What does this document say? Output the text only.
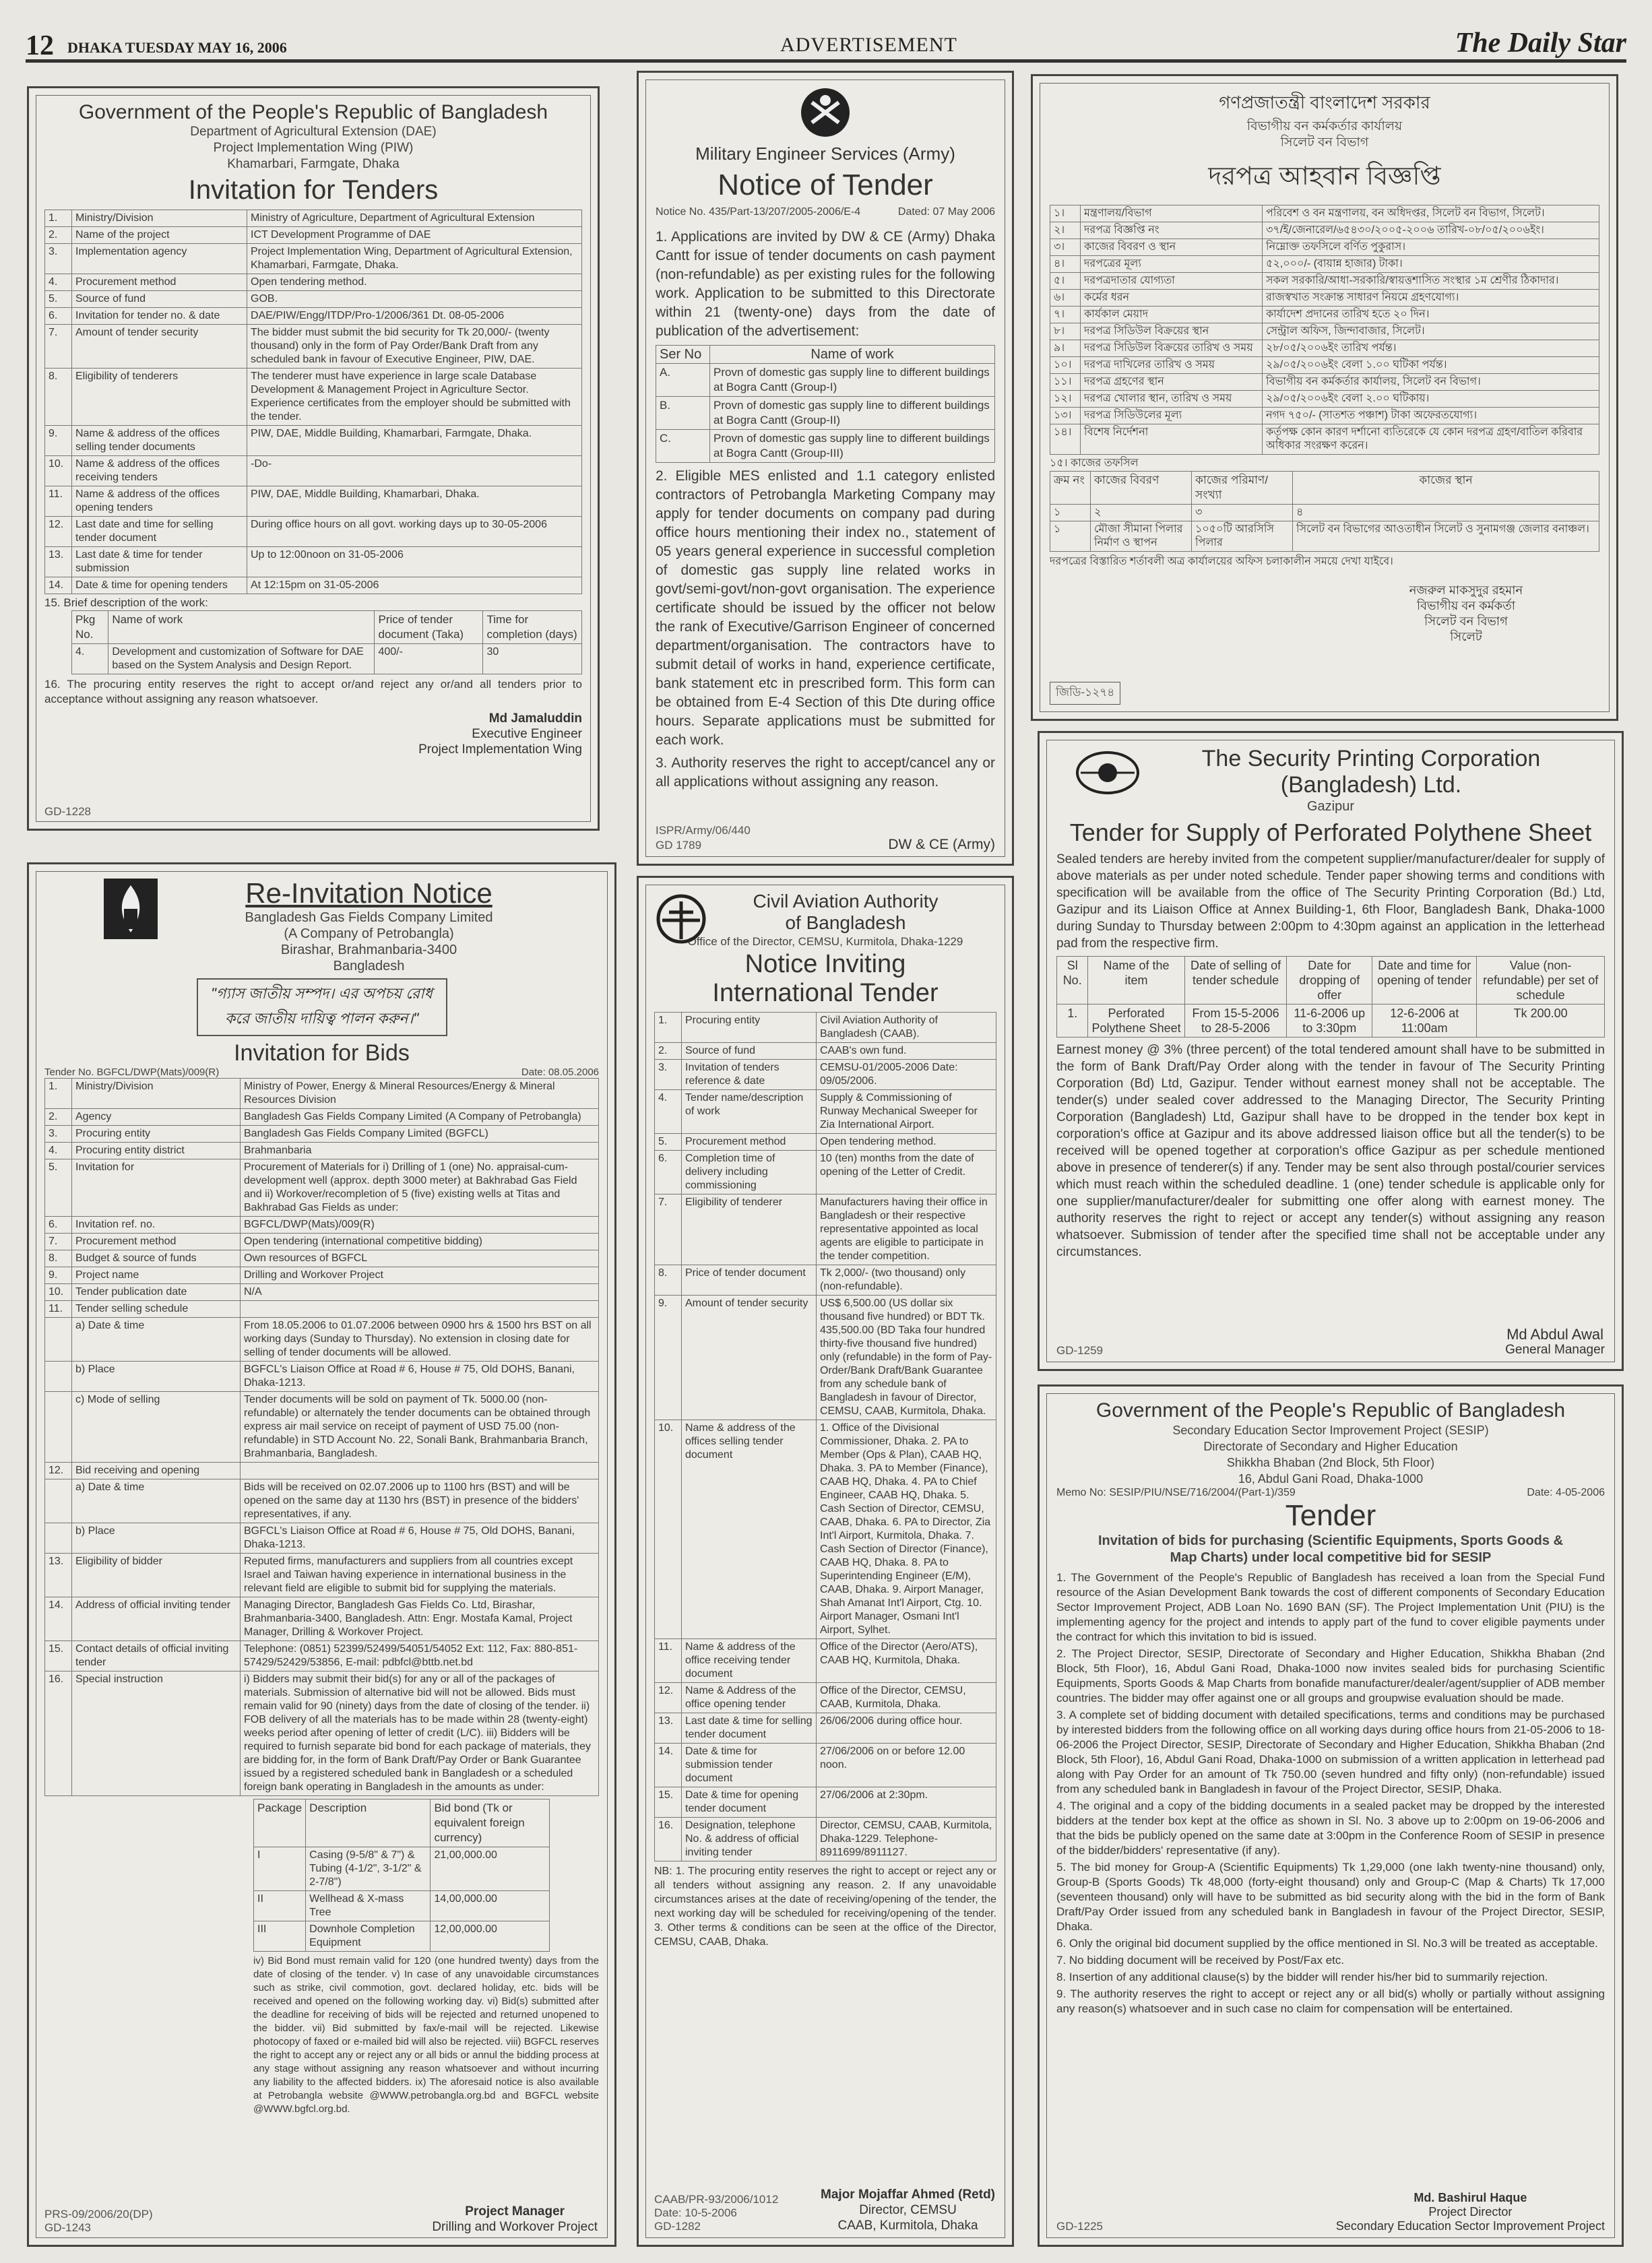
12 DHAKA TUESDAY MAY 16, 2006	ADVERTISEMENT	The Daily Star
Government of the People's Republic of Bangladesh
Department of Agricultural Extension (DAE)
Project Implementation Wing (PIW)
Khamarbari, Farmgate, Dhaka
Invitation for Tenders
1.	Ministry/Division	Ministry of Agriculture, Department of Agricultural Extension
2.	Name of the project	ICT Development Programme of DAE
3.	Implementation agency	Project Implementation Wing, Department of Agricultural Extension, Khamarbari, Farmgate, Dhaka.
4.	Procurement method	Open tendering method.
5.	Source of fund	GOB.
6.	Invitation for tender no. & date	DAE/PIW/Engg/ITDP/Pro-1/2006/361 Dt. 08-05-2006
7.	Amount of tender security	The bidder must submit the bid security for Tk 20,000/- (twenty thousand) only in the form of Pay Order/Bank Draft from any scheduled bank in favour of Executive Engineer, PIW, DAE.
8.	Eligibility of tenderers	The tenderer must have experience in large scale Database Development & Management Project in Agriculture Sector. Experience certificates from the employer should be submitted with the tender.
9.	Name & address of the offices selling tender documents	PIW, DAE, Middle Building, Khamarbari, Farmgate, Dhaka.
10.	Name & address of the offices receiving tenders	-Do-
11.	Name & address of the offices opening tenders	PIW, DAE, Middle Building, Khamarbari, Dhaka.
12.	Last date and time for selling tender document	During office hours on all govt. working days up to 30-05-2006
13.	Last date & time for tender submission	Up to 12:00noon on 31-05-2006
14.	Date & time for opening tenders	At 12:15pm on 31-05-2006
15. Brief description of the work:
Pkg No.	Name of work	Price of tender document (Taka)	Time for completion (days)
4.	Development and customization of Software for DAE based on the System Analysis and Design Report.	400/-	30
16. The procuring entity reserves the right to accept or/and reject any or/and all tenders prior to acceptance without assigning any reason whatsoever.
Md Jamaluddin
Executive Engineer
Project Implementation Wing
GD-1228
Military Engineer Services (Army)
Notice of Tender
Notice No. 435/Part-13/207/2005-2006/E-4	Dated: 07 May 2006
1. Applications are invited by DW & CE (Army) Dhaka Cantt for issue of tender documents on cash payment (non-refundable) as per existing rules for the following work. Application to be submitted to this Directorate within 21 (twenty-one) days from the date of publication of the advertisement:
Ser No	Name of work
A.	Provn of domestic gas supply line to different buildings at Bogra Cantt (Group-I)
B.	Provn of domestic gas supply line to different buildings at Bogra Cantt (Group-II)
C.	Provn of domestic gas supply line to different buildings at Bogra Cantt (Group-III)
2. Eligible MES enlisted and 1.1 category enlisted contractors of Petrobangla Marketing Company may apply for tender documents on company pad during office hours mentioning their index no., statement of 05 years general experience in successful completion of domestic gas supply line related works in govt/semi-govt/non-govt organisation. The experience certificate should be issued by the officer not below the rank of Executive/Garrison Engineer of concerned department/organisation. The contractors have to submit detail of works in hand, experience certificate, bank statement etc in prescribed form. This form can be obtained from E-4 Section of this Dte during office hours. Separate applications must be submitted for each work.
3. Authority reserves the right to accept/cancel any or all applications without assigning any reason.
ISPR/Army/06/440
GD 1789	DW & CE (Army)
গণপ্রজাতন্ত্রী বাংলাদেশ সরকার
বিভাগীয় বন কর্মকর্তার কার্যালয়
সিলেট বন বিভাগ
দরপত্র আহবান বিজ্ঞপ্তি
১।	মন্ত্রণালয়/বিভাগ	পরিবেশ ও বন মন্ত্রণালয়, বন অধিদপ্তর, সিলেট বন বিভাগ, সিলেট।
২।	দরপত্র বিজ্ঞপ্তি নং	৩৭/ই/জেনারেল/৬৫৪৩০/২০০৫-২০০৬ তারিখ-০৮/০৫/২০০৬ইং।
৩।	কাজের বিবরণ ও স্থান	নিম্নোক্ত তফসিলে বর্ণিত পুকুরাস।
৪।	দরপত্রের মূল্য	৫২,০০০/- (বায়ান্ন হাজার) টাকা।
৫।	দরপত্রদাতার যোগ্যতা	সকল সরকারি/আধা-সরকারি/স্বায়ত্তশাসিত সংস্থার ১ম শ্রেণীর ঠিকাদার।
৬।	কর্মের ধরন	রাজস্বখাত সংক্রান্ত সাধারণ নিয়মে গ্রহণযোগ্য।
৭।	কার্যকাল মেয়াদ	কার্যাদেশ প্রদানের তারিখ হতে ২০ দিন।
৮।	দরপত্র সিডিউল বিক্রয়ের স্থান	সেন্ট্রাল অফিস, জিন্দাবাজার, সিলেট।
৯।	দরপত্র সিডিউল বিক্রয়ের তারিখ ও সময়	২৮/০৫/২০০৬ইং তারিখ পর্যন্ত।
১০।	দরপত্র দাখিলের তারিখ ও সময়	২৯/০৫/২০০৬ইং বেলা ১.০০ ঘটিকা পর্যন্ত।
১১।	দরপত্র গ্রহণের স্থান	বিভাগীয় বন কর্মকর্তার কার্যালয়, সিলেট বন বিভাগ।
১২।	দরপত্র খোলার স্থান, তারিখ ও সময়	২৯/০৫/২০০৬ইং বেলা ২.০০ ঘটিকায়।
১৩।	দরপত্র সিডিউলের মূল্য	নগদ ৭৫০/- (সাতশত পঞ্চাশ) টাকা অফেরতযোগ্য।
১৪।	বিশেষ নির্দেশনা	কর্তৃপক্ষ কোন কারণ দর্শানো ব্যতিরেকে যে কোন দরপত্র গ্রহণ/বাতিল করিবার অধিকার সংরক্ষণ করেন।
১৫। কাজের তফসিল
ক্রম নং	কাজের বিবরণ	কাজের পরিমাণ/সংখ্যা	কাজের স্থান
১	২	৩	৪
১	মৌজা সীমানা পিলার নির্মাণ ও স্থাপন	১০৫০টি আরসিসি পিলার	সিলেট বন বিভাগের আওতাধীন সিলেট ও সুনামগঞ্জ জেলার বনাঞ্চল।
দরপত্রের বিস্তারিত শর্তাবলী অত্র কার্যালয়ের অফিস চলাকালীন সময়ে দেখা যাইবে।
নজরুল মাকসুদুর রহমান
বিভাগীয় বন কর্মকর্তা
সিলেট বন বিভাগ
সিলেট
জিডি-১২৭৪
Re-Invitation Notice
Bangladesh Gas Fields Company Limited
(A Company of Petrobangla)
Birashar, Brahmanbaria-3400
Bangladesh
"গ্যাস জাতীয় সম্পদ। এর অপচয় রোধ করে জাতীয় দায়িত্ব পালন করুন।"
Invitation for Bids
Tender No. BGFCL/DWP(Mats)/009(R)	Date: 08.05.2006
1.	Ministry/Division	Ministry of Power, Energy & Mineral Resources/Energy & Mineral Resources Division
2.	Agency	Bangladesh Gas Fields Company Limited (A Company of Petrobangla)
3.	Procuring entity	Bangladesh Gas Fields Company Limited (BGFCL)
4.	Procuring entity district	Brahmanbaria
5.	Invitation for	Procurement of Materials for i) Drilling of 1 (one) No. appraisal-cum-development well (approx. depth 3000 meter) at Bakhrabad Gas Field and ii) Workover/recompletion of 5 (five) existing wells at Titas and Bakhrabad Gas Fields as under:
6.	Invitation ref. no.	BGFCL/DWP(Mats)/009(R)
7.	Procurement method	Open tendering (international competitive bidding)
8.	Budget & source of funds	Own resources of BGFCL
9.	Project name	Drilling and Workover Project
10.	Tender publication date	N/A
11.	Tender selling schedule	
	a) Date & time	From 18.05.2006 to 01.07.2006 between 0900 hrs & 1500 hrs BST on all working days (Sunday to Thursday). No extension in closing date for selling of tender documents will be allowed.
	b) Place	BGFCL's Liaison Office at Road # 6, House # 75, Old DOHS, Banani, Dhaka-1213.
	c) Mode of selling	Tender documents will be sold on payment of Tk. 5000.00 (non-refundable) or alternately the tender documents can be obtained through express air mail service on receipt of payment of USD 75.00 (non-refundable) in STD Account No. 22, Sonali Bank, Brahmanbaria Branch, Brahmanbaria, Bangladesh.
12.	Bid receiving and opening	
	a) Date & time	Bids will be received on 02.07.2006 up to 1100 hrs (BST) and will be opened on the same day at 1130 hrs (BST) in presence of the bidders' representatives, if any.
	b) Place	BGFCL's Liaison Office at Road # 6, House # 75, Old DOHS, Banani, Dhaka-1213.
13.	Eligibility of bidder	Reputed firms, manufacturers and suppliers from all countries except Israel and Taiwan having experience in international business in the relevant field are eligible to submit bid for supplying the materials.
14.	Address of official inviting tender	Managing Director, Bangladesh Gas Fields Co. Ltd, Birashar, Brahmanbaria-3400, Bangladesh. Attn: Engr. Mostafa Kamal, Project Manager, Drilling & Workover Project.
15.	Contact details of official inviting tender	Telephone: (0851) 52399/52499/54051/54052 Ext: 112, Fax: 880-851-57429/52429/53856, E-mail: pdbfcl@bttb.net.bd
16.	Special instruction	i) Bidders may submit their bid(s) for any or all of the packages of materials. Submission of alternative bid will not be allowed. Bids must remain valid for 90 (ninety) days from the date of closing of the tender. ii) FOB delivery of all the materials has to be made within 28 (twenty-eight) weeks period after opening of letter of credit (L/C). iii) Bidders will be required to furnish separate bid bond for each package of materials, they are bidding for, in the form of Bank Draft/Pay Order or Bank Guarantee issued by a registered scheduled bank in Bangladesh or a scheduled foreign bank operating in Bangladesh in the amounts as under:
Package	Description	Bid bond (Tk or equivalent foreign currency)
I	Casing (9-5/8" & 7") & Tubing (4-1/2", 3-1/2" & 2-7/8")	21,00,000.00
II	Wellhead & X-mass Tree	14,00,000.00
III	Downhole Completion Equipment	12,00,000.00
iv) Bid Bond must remain valid for 120 (one hundred twenty) days from the date of closing of the tender. v) In case of any unavoidable circumstances such as strike, civil commotion, govt. declared holiday, etc. bids will be received and opened on the following working day. vi) Bid(s) submitted after the deadline for receiving of bids will be rejected and returned unopened to the bidder. vii) Bid submitted by fax/e-mail will be rejected. Likewise photocopy of faxed or e-mailed bid will also be rejected. viii) BGFCL reserves the right to accept any or reject any or all bids or annul the bidding process at any stage without assigning any reason whatsoever and without incurring any liability to the affected bidders. ix) The aforesaid notice is also available at Petrobangla website @WWW.petrobangla.org.bd and BGFCL website @WWW.bgfcl.org.bd.
PRS-09/2006/20(DP)
GD-1243
Project Manager
Drilling and Workover Project
Civil Aviation Authority
of Bangladesh
Office of the Director, CEMSU, Kurmitola, Dhaka-1229
Notice Inviting
International Tender
1.	Procuring entity	Civil Aviation Authority of Bangladesh (CAAB).
2.	Source of fund	CAAB's own fund.
3.	Invitation of tenders reference & date	CEMSU-01/2005-2006 Date: 09/05/2006.
4.	Tender name/description of work	Supply & Commissioning of Runway Mechanical Sweeper for Zia International Airport.
5.	Procurement method	Open tendering method.
6.	Completion time of delivery including commissioning	10 (ten) months from the date of opening of the Letter of Credit.
7.	Eligibility of tenderer	Manufacturers having their office in Bangladesh or their respective representative appointed as local agents are eligible to participate in the tender competition.
8.	Price of tender document	Tk 2,000/- (two thousand) only (non-refundable).
9.	Amount of tender security	US$ 6,500.00 (US dollar six thousand five hundred) or BDT Tk. 435,500.00 (BD Taka four hundred thirty-five thousand five hundred) only (refundable) in the form of Pay-Order/Bank Draft/Bank Guarantee from any schedule bank of Bangladesh in favour of Director, CEMSU, CAAB, Kurmitola, Dhaka.
10.	Name & address of the offices selling tender document	1. Office of the Divisional Commissioner, Dhaka. 2. PA to Member (Ops & Plan), CAAB HQ, Dhaka. 3. PA to Member (Finance), CAAB HQ, Dhaka. 4. PA to Chief Engineer, CAAB HQ, Dhaka. 5. Cash Section of Director, CEMSU, CAAB, Dhaka. 6. PA to Director, Zia Int'l Airport, Kurmitola, Dhaka. 7. Cash Section of Director (Finance), CAAB HQ, Dhaka. 8. PA to Superintending Engineer (E/M), CAAB, Dhaka. 9. Airport Manager, Shah Amanat Int'l Airport, Ctg. 10. Airport Manager, Osmani Int'l Airport, Sylhet.
11.	Name & address of the office receiving tender document	Office of the Director (Aero/ATS), CAAB HQ, Kurmitola, Dhaka.
12.	Name & Address of the office opening tender	Office of the Director, CEMSU, CAAB, Kurmitola, Dhaka.
13.	Last date & time for selling tender document	26/06/2006 during office hour.
14.	Date & time for submission tender document	27/06/2006 on or before 12.00 noon.
15.	Date & time for opening tender document	27/06/2006 at 2:30pm.
16.	Designation, telephone No. & address of official inviting tender	Director, CEMSU, CAAB, Kurmitola, Dhaka-1229. Telephone-8911699/8911127.
NB: 1. The procuring entity reserves the right to accept or reject any or all tenders without assigning any reason. 2. If any unavoidable circumstances arises at the date of receiving/opening of the tender, the next working day will be scheduled for receiving/opening of the tender. 3. Other terms & conditions can be seen at the office of the Director, CEMSU, CAAB, Dhaka.
CAAB/PR-93/2006/1012
Date: 10-5-2006
GD-1282
Major Mojaffar Ahmed (Retd)
Director, CEMSU
CAAB, Kurmitola, Dhaka
The Security Printing Corporation
(Bangladesh) Ltd.
Gazipur
Tender for Supply of Perforated Polythene Sheet
Sealed tenders are hereby invited from the competent supplier/manufacturer/dealer for supply of above materials as per under noted schedule. Tender paper showing terms and conditions with specification will be available from the office of The Security Printing Corporation (Bd.) Ltd, Gazipur and its Liaison Office at Annex Building-1, 6th Floor, Bangladesh Bank, Dhaka-1000 during Sunday to Thursday between 2:00pm to 4:30pm against an application in the letterhead pad from the respective firm.
Sl No.	Name of the item	Date of selling of tender schedule	Date for dropping of offer	Date and time for opening of tender	Value (non-refundable) per set of schedule
1.	Perforated Polythene Sheet	From 15-5-2006 to 28-5-2006	11-6-2006 up to 3:30pm	12-6-2006 at 11:00am	Tk 200.00
Earnest money @ 3% (three percent) of the total tendered amount shall have to be submitted in the form of Bank Draft/Pay Order along with the tender in favour of The Security Printing Corporation (Bd) Ltd, Gazipur. Tender without earnest money shall not be acceptable. The tender(s) under sealed cover addressed to the Managing Director, The Security Printing Corporation (Bangladesh) Ltd, Gazipur shall have to be dropped in the tender box kept in corporation's office at Gazipur and its above addressed liaison office but all the tender(s) to be received will be opened together at corporation's office Gazipur as per schedule mentioned above in presence of tenderer(s) if any. Tender may be sent also through postal/courier services which must reach within the scheduled deadline. 1 (one) tender schedule is applicable only for one supplier/manufacturer/dealer for submitting one offer along with earnest money. The authority reserves the right to reject or accept any tender(s) without assigning any reason whatsoever. Submission of tender after the specified time shall not be acceptable under any circumstances.
GD-1259
Md Abdul Awal
General Manager
Government of the People's Republic of Bangladesh
Secondary Education Sector Improvement Project (SESIP)
Directorate of Secondary and Higher Education
Shikkha Bhaban (2nd Block, 5th Floor)
16, Abdul Gani Road, Dhaka-1000
Memo No: SESIP/PIU/NSE/716/2004/(Part-1)/359	Date: 4-05-2006
Tender
Invitation of bids for purchasing (Scientific Equipments, Sports Goods & Map Charts) under local competitive bid for SESIP
1. The Government of the People's Republic of Bangladesh has received a loan from the Special Fund resource of the Asian Development Bank towards the cost of different components of Secondary Education Sector Improvement Project, ADB Loan No. 1690 BAN (SF). The Project Implementation Unit (PIU) is the implementing agency for the project and intends to apply part of the fund to cover eligible payments under the contract for which this invitation to bid is issued.
2. The Project Director, SESIP, Directorate of Secondary and Higher Education, Shikkha Bhaban (2nd Block, 5th Floor), 16, Abdul Gani Road, Dhaka-1000 now invites sealed bids for purchasing Scientific Equipments, Sports Goods & Map Charts from bonafide manufacturer/dealer/agent/supplier of ADB member countries. The bidder may offer against one or all groups and groupwise evaluation should be made.
3. A complete set of bidding document with detailed specifications, terms and conditions may be purchased by interested bidders from the following office on all working days during office hours from 21-05-2006 to 18-06-2006 the Project Director, SESIP, Directorate of Secondary and Higher Education, Shikkha Bhaban (2nd Block, 5th Floor), 16, Abdul Gani Road, Dhaka-1000 on submission of a written application in letterhead pad along with Pay Order for an amount of Tk 750.00 (seven hundred and fifty only) (non-refundable) issued from any scheduled bank in Bangladesh in favour of the Project Director, SESIP, Dhaka.
4. The original and a copy of the bidding documents in a sealed packet may be dropped by the interested bidders at the tender box kept at the office as shown in Sl. No. 3 above up to 2:00pm on 19-06-2006 and that the bids be publicly opened on the same date at 3:00pm in the Conference Room of SESIP in presence of the bidder/bidders' representative (if any).
5. The bid money for Group-A (Scientific Equipments) Tk 1,29,000 (one lakh twenty-nine thousand) only, Group-B (Sports Goods) Tk 48,000 (forty-eight thousand) only and Group-C (Map & Charts) Tk 17,000 (seventeen thousand) only will have to be submitted as bid security along with the bid in the form of Bank Draft/Pay Order issued from any scheduled bank in Bangladesh in favour of the Project Director, SESIP, Dhaka.
6. Only the original bid document supplied by the office mentioned in Sl. No.3 will be treated as acceptable.
7. No bidding document will be received by Post/Fax etc.
8. Insertion of any additional clause(s) by the bidder will render his/her bid to summarily rejection.
9. The authority reserves the right to accept or reject any or all bid(s) wholly or partially without assigning any reason(s) whatsoever and in such case no claim for compensation will be entertained.
GD-1225
Md. Bashirul Haque
Project Director
Secondary Education Sector Improvement Project
